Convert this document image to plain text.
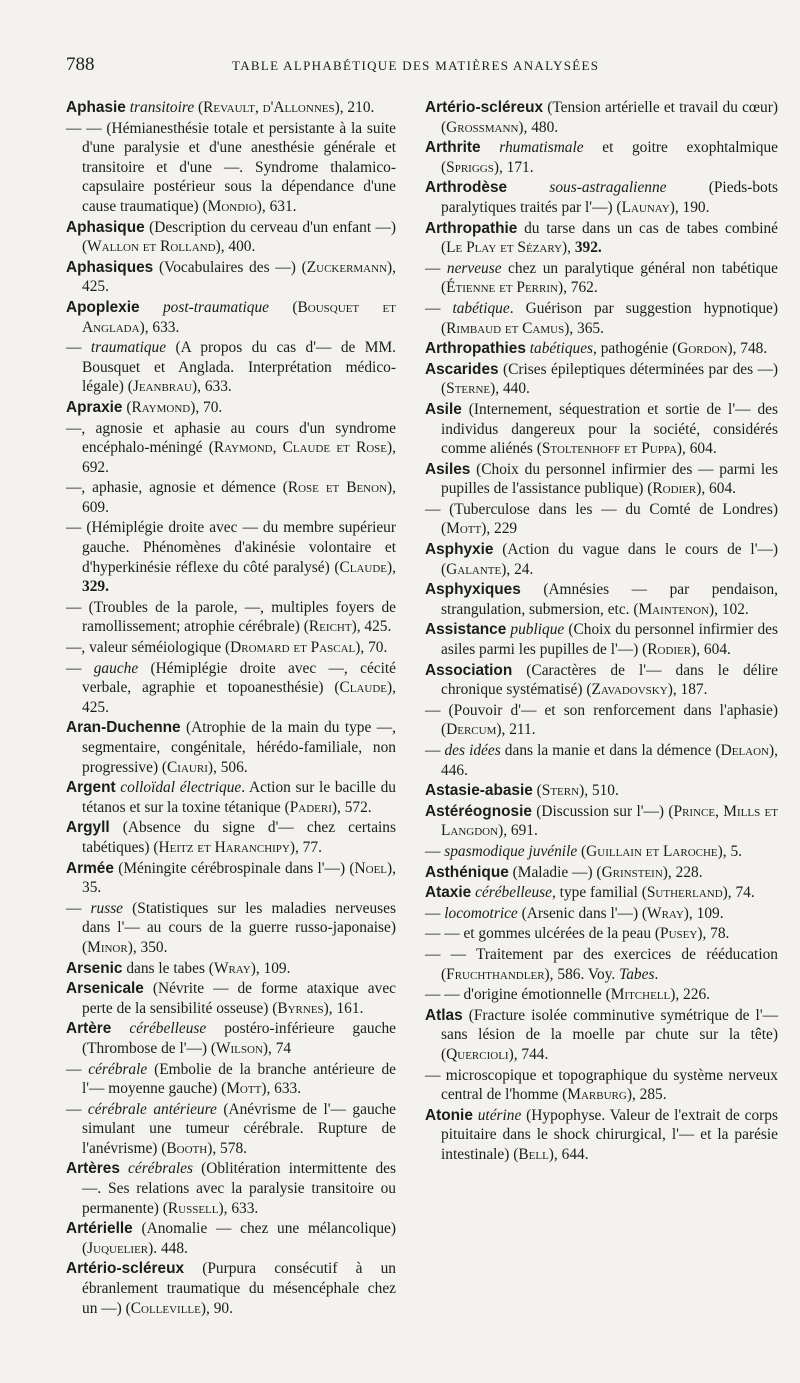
788	TABLE ALPHABÉTIQUE DES MATIÈRES ANALYSÉES

Aphasie transitoire (Revault, d'Allonnes), 210.

— — (Hémianesthésie totale et persistante à la suite d'une paralysie et d'une anesthésie générale et transitoire et d'une —. Syndrome thalamico-capsulaire postérieur sous la dépendance d'une cause traumatique) (Mondio), 631.

Aphasique (Description du cerveau d'un enfant —) (Wallon et Rolland), 400.

Aphasiques (Vocabulaires des —) (Zuckermann), 425.

Apoplexie post-traumatique (Bousquet et Anglada), 633.

— traumatique (A propos du cas d'— de MM. Bousquet et Anglada. Interprétation médico-légale) (Jeanbrau), 633.

Apraxie (Raymond), 70.

—, agnosie et aphasie au cours d'un syndrome encéphalo-méningé (Raymond, Claude et Rose), 692.

—, aphasie, agnosie et démence (Rose et Benon), 609.

— (Hémiplégie droite avec — du membre supérieur gauche. Phénomènes d'akinésie volontaire et d'hyperkinésie réflexe du côté paralysé) (Claude), 329.

— (Troubles de la parole, —, multiples foyers de ramollissement; atrophie cérébrale) (Reichт), 425.

—, valeur séméiologique (Dromard et Pascal), 70.

— gauche (Hémiplégie droite avec —, cécité verbale, agraphie et topoanesthésie) (Claude), 425.

Aran-Duchenne (Atrophie de la main du type —, segmentaire, congénitale, hérédo-familiale, non progressive) (Ciauri), 506.

Argent colloïdal électrique. Action sur le bacille du tétanos et sur la toxine tétanique (Paderi), 572.

Argyll (Absence du signe d'— chez certains tabétiques) (Heitz et Haranchipy), 77.

Armée (Méningite cérébrospinale dans l'—) (Noel), 35.

— russe (Statistiques sur les maladies nerveuses dans l'— au cours de la guerre russo-japonaise) (Minor), 350.

Arsenic dans le tabes (Wray), 109.

Arsenicale (Névrite — de forme ataxique avec perte de la sensibilité osseuse) (Byrnes), 161.

Artère cérébelleuse postéro-inférieure gauche (Thrombose de l'—) (Wilson), 74

— cérébrale (Embolie de la branche antérieure de l'— moyenne gauche) (Mott), 633.

— cérébrale antérieure (Anévrisme de l'— gauche simulant une tumeur cérébrale. Rupture de l'anévrisme) (Booth), 578.

Artères cérébrales (Oblitération intermittente des —. Ses relations avec la paralysie transitoire ou permanente) (Russell), 633.

Artérielle (Anomalie — chez une mélancolique) (Juquelier). 448.

Artério-scléreux (Purpura consécutif à un ébranlement traumatique du mésencéphale chez un —) (Colleville), 90.

Artério-scléreux (Tension artérielle et travail du cœur) (Grossmann), 480.

Arthrite rhumatismale et goitre exophtalmique (Spriggs), 171.

Arthrodèse	sous-astragalienne (Pieds-bots paralytiques traités par l'—) (Launay), 190.

Arthropathie du tarse dans un cas de tabes combiné (Le Play et Sézary), 392.

— nerveuse chez un paralytique général non tabétique (Étienne et Perrin), 762.

— tabétique. Guérison par suggestion hypnotique) (Rimbaud et Camus), 365.

Arthropathies tabétiques, pathogénie (Gordon), 748.

Ascarides (Crises épileptiques déterminées par des —) (Sterne), 440.

Asile (Internement, séquestration et sortie de l'— des individus dangereux pour la société, considérés comme aliénés (Stoltenhoff et Puppa), 604.

Asiles (Choix du personnel infirmier des — parmi les pupilles de l'assistance publique) (Rodier), 604.

— (Tuberculose dans les — du Comté de Londres) (Mott), 229

Asphyxie (Action du vague dans le cours de l'—) (Galante), 24.

Asphyxiques (Amnésies — par pendaison, strangulation, submersion, etc. (Maintenon), 102.

Assistance publique (Choix du personnel infirmier des asiles parmi les pupilles de l'—) (Rodier), 604.

Association (Caractères de l'— dans le délire chronique systématisé) (Zavadovsky), 187.

— (Pouvoir d'— et son renforcement dans l'aphasie) (Dercum), 211.

— des idées dans la manie et dans la démence (Delaon), 446.

Astasie-abasie (Stern), 510.

Astéréognosie (Discussion sur l'—) (Prince, Mills et Langdon), 691.

— spasmodique juvénile (Guillain et Laroche), 5.

Asthénique (Maladie —) (Grinstein), 228.

Ataxie cérébelleuse, type familial (Sutherland), 74.

— locomotrice (Arsenic dans l'—) (Wray), 109.

— — et gommes ulcérées de la peau (Pusey), 78.

— — Traitement par des exercices de rééducation (Fruchthandler), 586. Voy. Tabes.

— — d'origine émotionnelle (Mitchell), 226.

Atlas (Fracture isolée comminutive symétrique de l'— sans lésion de la moelle par chute sur la tête) (Quercioli), 744.

— microscopique et topographique du système nerveux central de l'homme (Marburg), 285.

Atonie utérine (Hypophyse. Valeur de l'extrait de corps pituitaire dans le shock chirurgical, l'— et la parésie intestinale) (Bell), 644.
